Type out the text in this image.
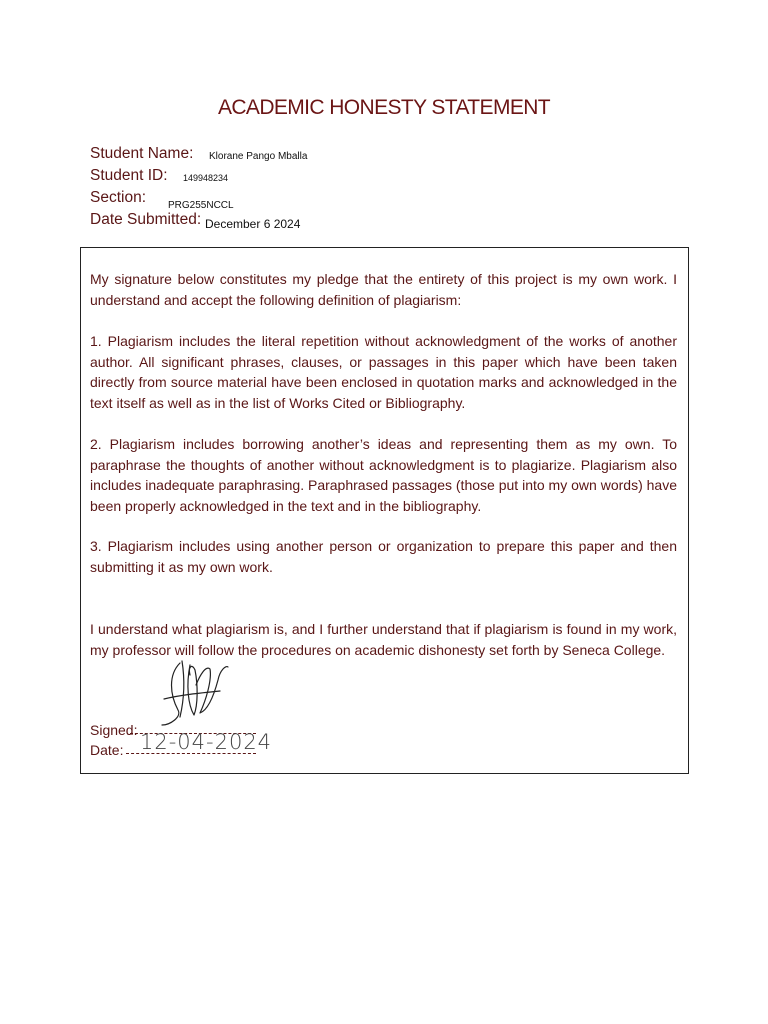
ACADEMIC HONESTY STATEMENT
Student Name: Klorane Pango Mballa
Student ID: 149948234
Section: PRG255NCCL
Date Submitted: December 6 2024
My signature below constitutes my pledge that the entirety of this project is my own work. I understand and accept the following definition of plagiarism:
1. Plagiarism includes the literal repetition without acknowledgment of the works of another author. All significant phrases, clauses, or passages in this paper which have been taken directly from source material have been enclosed in quotation marks and acknowledged in the text itself as well as in the list of Works Cited or Bibliography.
2. Plagiarism includes borrowing another’s ideas and representing them as my own. To paraphrase the thoughts of another without acknowledgment is to plagiarize. Plagiarism also includes inadequate paraphrasing. Paraphrased passages (those put into my own words) have been properly acknowledged in the text and in the bibliography.
3. Plagiarism includes using another person or organization to prepare this paper and then submitting it as my own work.
I understand what plagiarism is, and I further understand that if plagiarism is found in my work, my professor will follow the procedures on academic dishonesty set forth by Seneca College.
Signed:
Date: 12-04-2024
